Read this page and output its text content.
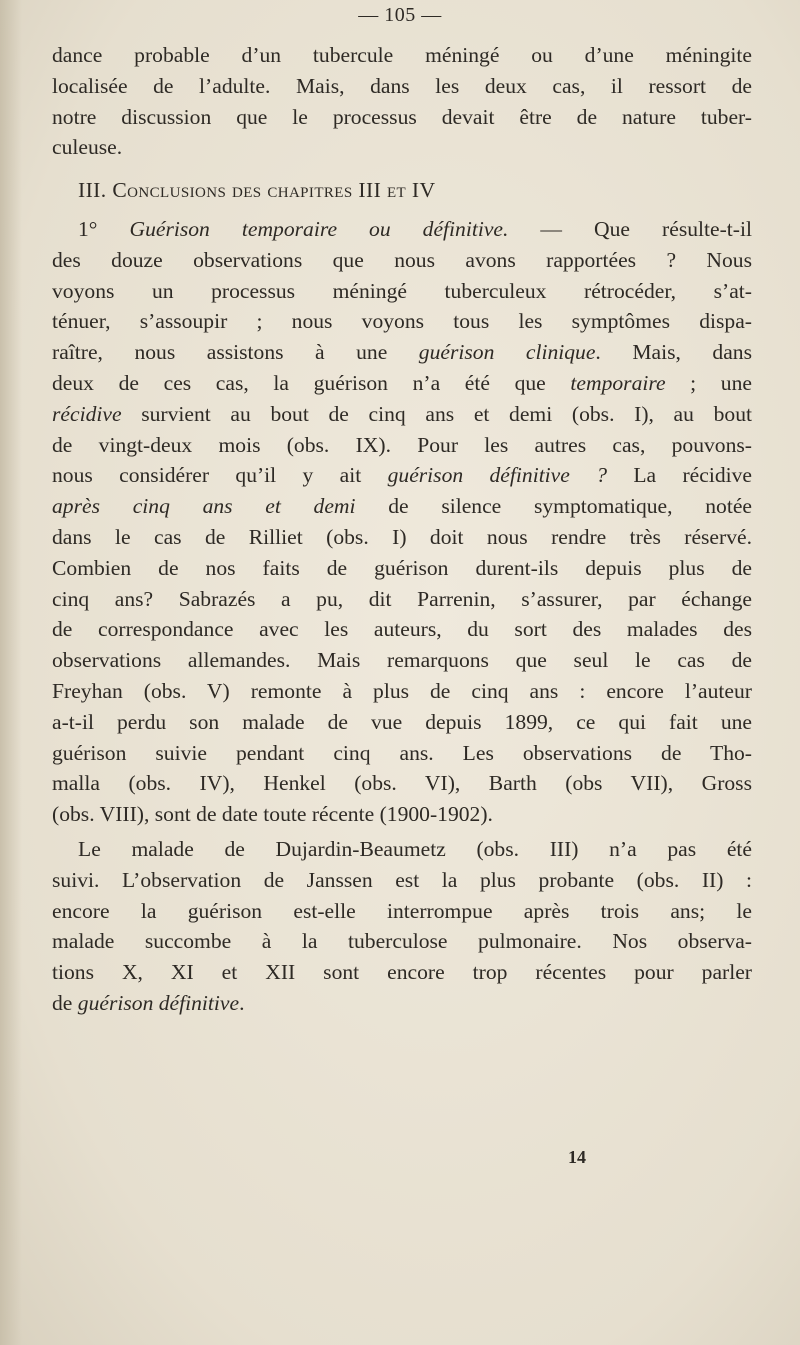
— 105 —

dance probable d’un tubercule méningé ou d’une méningite
localisée de l’adulte. Mais, dans les deux cas, il ressort de
notre discussion que le processus devait être de nature tuber-
culeuse.

III. Conclusions des chapitres III et IV

1° Guérison temporaire ou définitive. — Que résulte-t-il
des douze observations que nous avons rapportées ? Nous
voyons un processus méningé tuberculeux rétrocéder, s’at-
ténuer, s’assoupir ; nous voyons tous les symptômes dispa-
raître, nous assistons à une guérison clinique. Mais, dans
deux de ces cas, la guérison n’a été que temporaire ; une
récidive survient au bout de cinq ans et demi (obs. I), au bout
de vingt-deux mois (obs. IX). Pour les autres cas, pouvons-
nous considérer qu’il y ait guérison définitive ? La récidive
après cinq ans et demi de silence symptomatique, notée
dans le cas de Rilliet (obs. I) doit nous rendre très réservé.
Combien de nos faits de guérison durent-ils depuis plus de
cinq ans? Sabrazés a pu, dit Parrenin, s’assurer, par échange
de correspondance avec les auteurs, du sort des malades des
observations allemandes. Mais remarquons que seul le cas de
Freyhan (obs. V) remonte à plus de cinq ans : encore l’auteur
a-t-il perdu son malade de vue depuis 1899, ce qui fait une
guérison suivie pendant cinq ans. Les observations de Tho-
malla (obs. IV), Henkel (obs. VI), Barth (obs VII), Gross
(obs. VIII), sont de date toute récente (1900-1902).

Le malade de Dujardin-Beaumetz (obs. III) n’a pas été
suivi. L’observation de Janssen est la plus probante (obs. II) :
encore la guérison est-elle interrompue après trois ans; le
malade succombe à la tuberculose pulmonaire. Nos observa-
tions X, XI et XII sont encore trop récentes pour parler
de guérison définitive.

14
